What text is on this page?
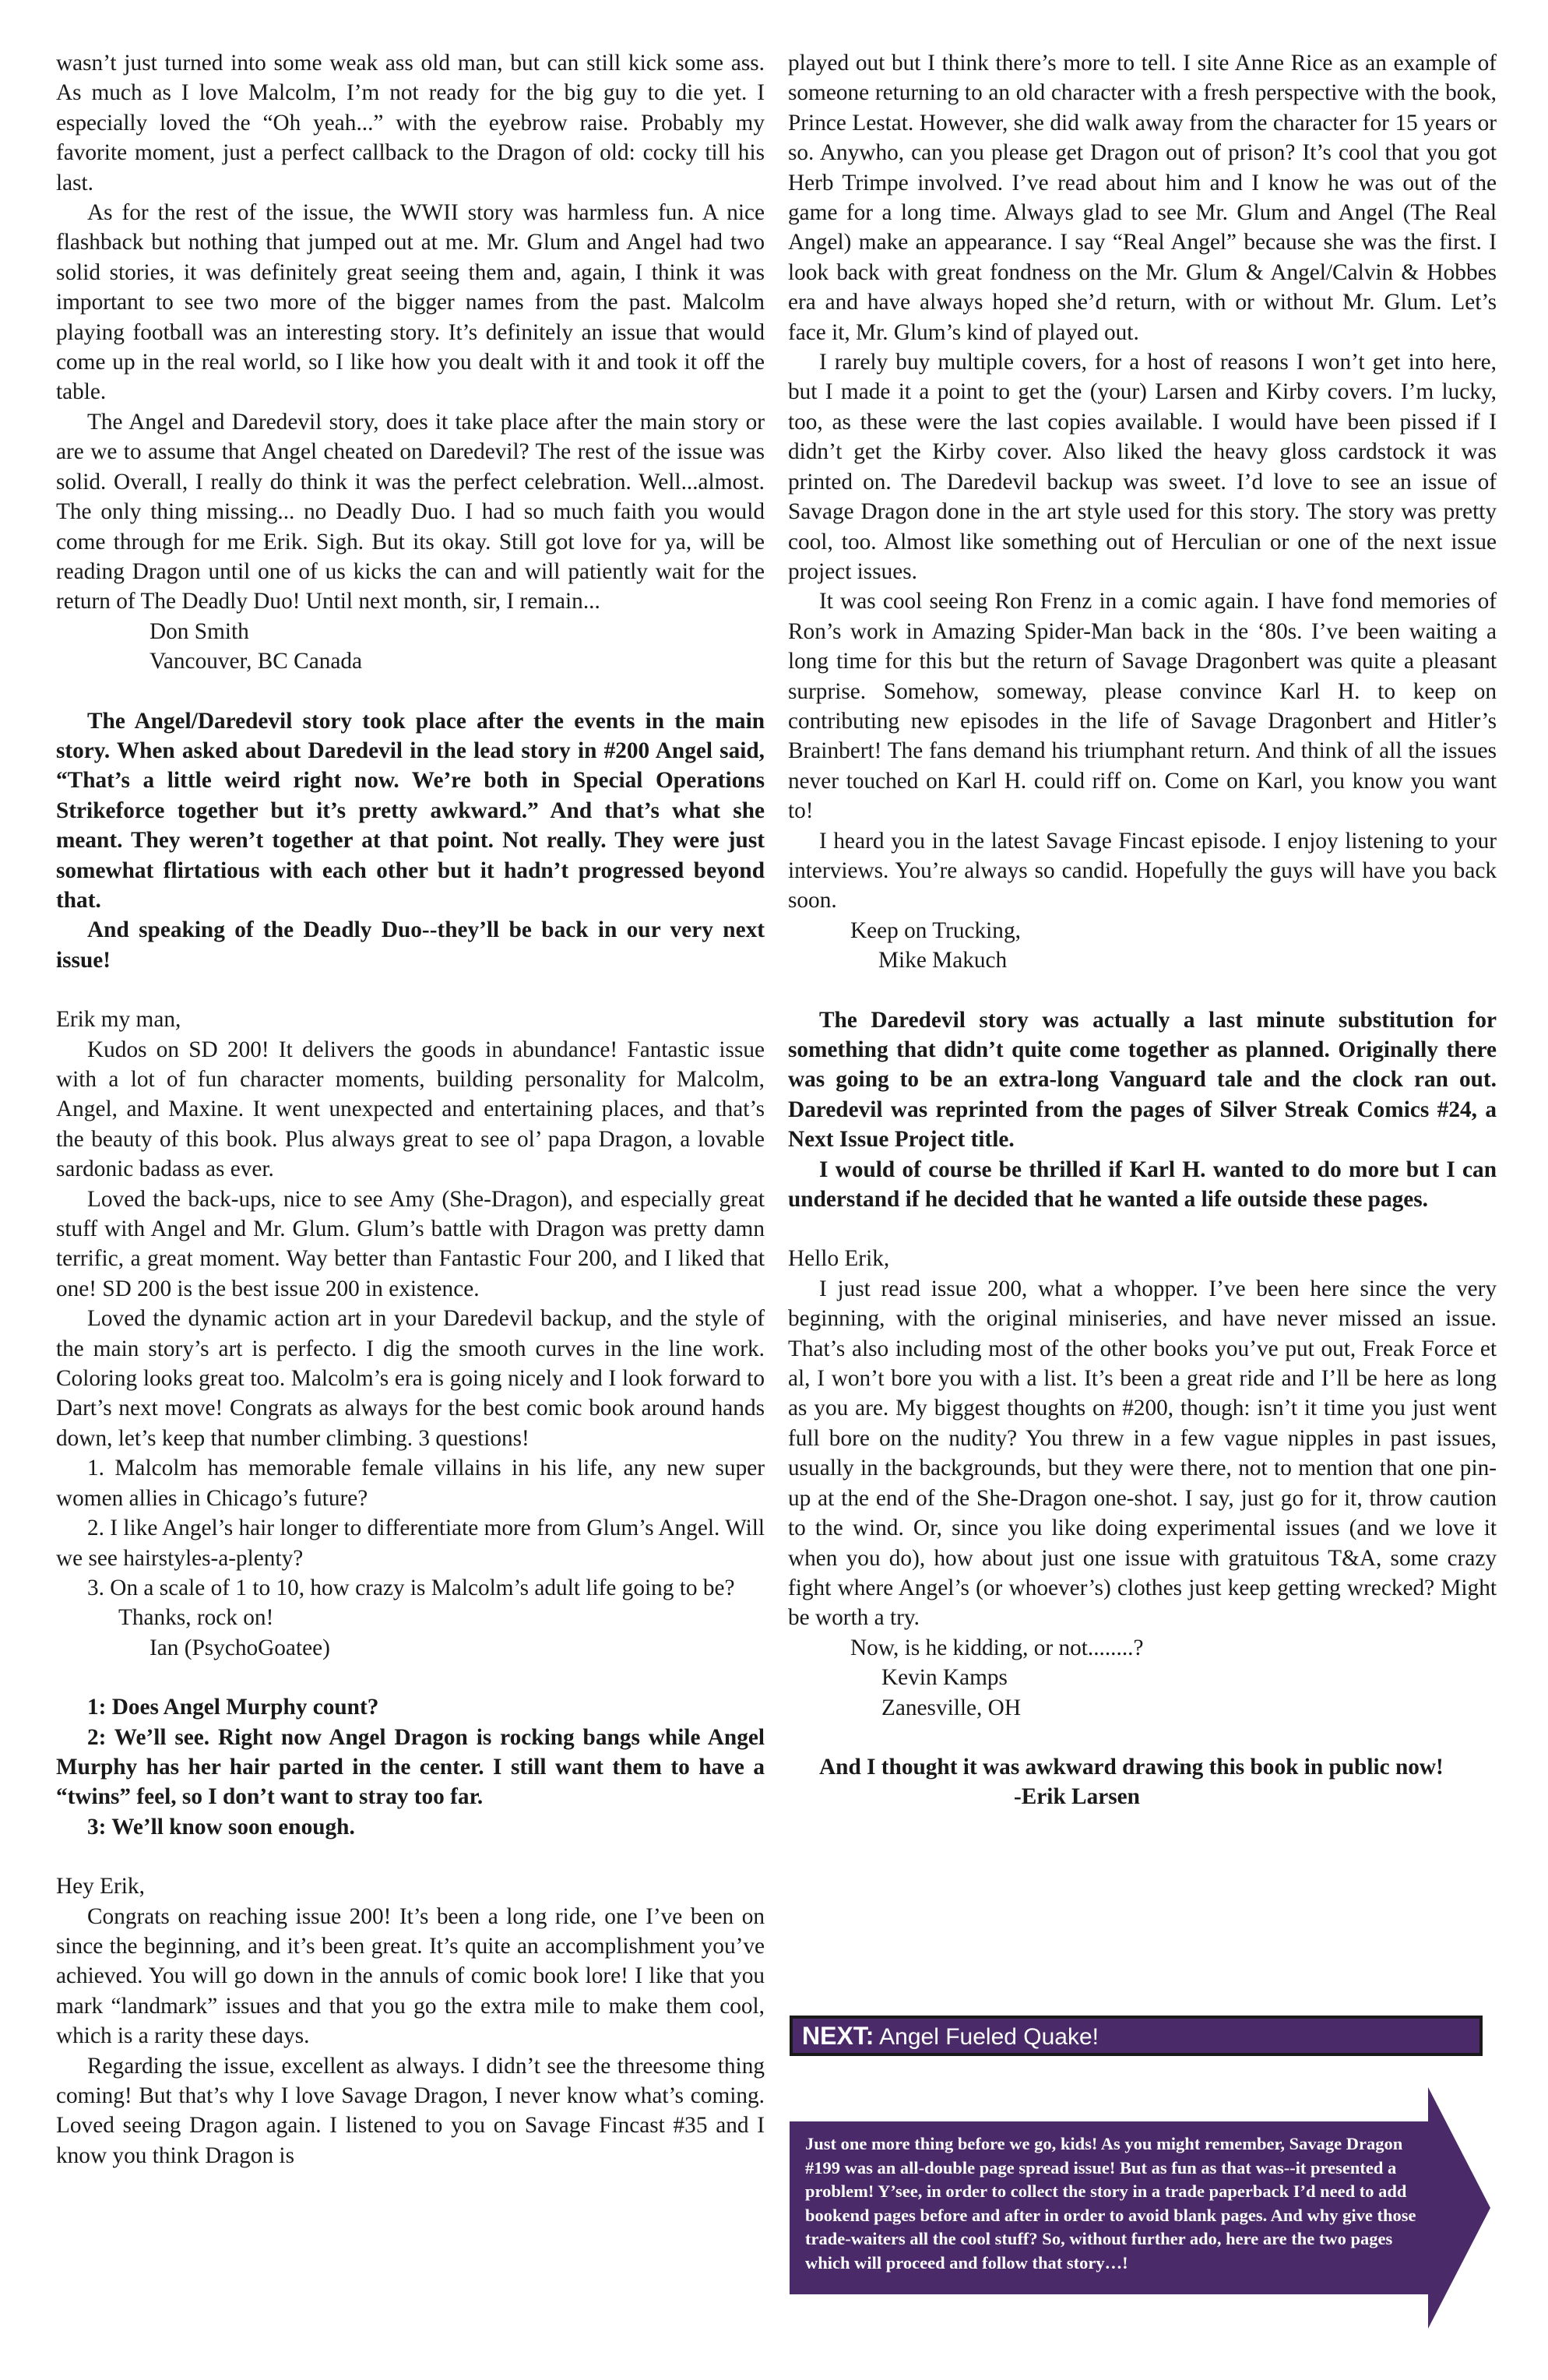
wasn’t just turned into some weak ass old man, but can still kick some ass. As much as I love Malcolm, I’m not ready for the big guy to die yet. I especially loved the “Oh yeah...” with the eyebrow raise. Probably my favorite moment, just a perfect callback to the Dragon of old: cocky till his last.

As for the rest of the issue, the WWII story was harmless fun. A nice flashback but nothing that jumped out at me. Mr. Glum and Angel had two solid stories, it was definitely great seeing them and, again, I think it was important to see two more of the bigger names from the past. Malcolm playing football was an interesting story. It’s definitely an issue that would come up in the real world, so I like how you dealt with it and took it off the table.

The Angel and Daredevil story, does it take place after the main story or are we to assume that Angel cheated on Daredevil? The rest of the issue was solid. Overall, I really do think it was the perfect celebration. Well...almost. The only thing missing... no Deadly Duo. I had so much faith you would come through for me Erik. Sigh. But its okay. Still got love for ya, will be reading Dragon until one of us kicks the can and will patiently wait for the return of The Deadly Duo! Until next month, sir, I remain...

Don Smith

Vancouver, BC Canada

The Angel/Daredevil story took place after the events in the main story. When asked about Daredevil in the lead story in #200 Angel said, “That’s a little weird right now. We’re both in Special Operations Strikeforce together but it’s pretty awkward.” And that’s what she meant. They weren’t together at that point. Not really. They were just somewhat flirtatious with each other but it hadn’t progressed beyond that.

And speaking of the Deadly Duo--they’ll be back in our very next issue!

Erik my man,

Kudos on SD 200! It delivers the goods in abundance! Fantastic issue with a lot of fun character moments, building personality for Malcolm, Angel, and Maxine. It went unexpected and entertaining places, and that’s the beauty of this book. Plus always great to see ol’ papa Dragon, a lovable sardonic badass as ever.

Loved the back-ups, nice to see Amy (She-Dragon), and especially great stuff with Angel and Mr. Glum. Glum’s battle with Dragon was pretty damn terrific, a great moment. Way better than Fantastic Four 200, and I liked that one! SD 200 is the best issue 200 in existence.

Loved the dynamic action art in your Daredevil backup, and the style of the main story’s art is perfecto. I dig the smooth curves in the line work. Coloring looks great too. Malcolm’s era is going nicely and I look forward to Dart’s next move! Congrats as always for the best comic book around hands down, let’s keep that number climbing. 3 questions!

1. Malcolm has memorable female villains in his life, any new super women allies in Chicago’s future?

2. I like Angel’s hair longer to differentiate more from Glum’s Angel. Will we see hairstyles-a-plenty?

3. On a scale of 1 to 10, how crazy is Malcolm’s adult life going to be?

Thanks, rock on!

Ian (PsychoGoatee)

1: Does Angel Murphy count?

2: We’ll see. Right now Angel Dragon is rocking bangs while Angel Murphy has her hair parted in the center. I still want them to have a “twins” feel, so I don’t want to stray too far.

3: We’ll know soon enough.

Hey Erik,

Congrats on reaching issue 200! It’s been a long ride, one I’ve been on since the beginning, and it’s been great. It’s quite an accomplishment you’ve achieved. You will go down in the annuls of comic book lore! I like that you mark “landmark” issues and that you go the extra mile to make them cool, which is a rarity these days.

Regarding the issue, excellent as always. I didn’t see the threesome thing coming! But that’s why I love Savage Dragon, I never know what’s coming. Loved seeing Dragon again. I listened to you on Savage Fincast #35 and I know you think Dragon is

played out but I think there’s more to tell. I site Anne Rice as an example of someone returning to an old character with a fresh perspective with the book, Prince Lestat. However, she did walk away from the character for 15 years or so. Anywho, can you please get Dragon out of prison? It’s cool that you got Herb Trimpe involved. I’ve read about him and I know he was out of the game for a long time. Always glad to see Mr. Glum and Angel (The Real Angel) make an appearance. I say “Real Angel” because she was the first. I look back with great fondness on the Mr. Glum & Angel/Calvin & Hobbes era and have always hoped she’d return, with or without Mr. Glum. Let’s face it, Mr. Glum’s kind of played out.

I rarely buy multiple covers, for a host of reasons I won’t get into here, but I made it a point to get the (your) Larsen and Kirby covers. I’m lucky, too, as these were the last copies available. I would have been pissed if I didn’t get the Kirby cover. Also liked the heavy gloss cardstock it was printed on. The Daredevil backup was sweet. I’d love to see an issue of Savage Dragon done in the art style used for this story. The story was pretty cool, too. Almost like something out of Herculian or one of the next issue project issues.

It was cool seeing Ron Frenz in a comic again. I have fond memories of Ron’s work in Amazing Spider-Man back in the ‘80s. I’ve been waiting a long time for this but the return of Savage Dragonbert was quite a pleasant surprise. Somehow, someway, please convince Karl H. to keep on contributing new episodes in the life of Savage Dragonbert and Hitler’s Brainbert! The fans demand his triumphant return. And think of all the issues never touched on Karl H. could riff on. Come on Karl, you know you want to!

I heard you in the latest Savage Fincast episode. I enjoy listening to your interviews. You’re always so candid. Hopefully the guys will have you back soon.

Keep on Trucking,

Mike Makuch

The Daredevil story was actually a last minute substitution for something that didn’t quite come together as planned. Originally there was going to be an extra-long Vanguard tale and the clock ran out. Daredevil was reprinted from the pages of Silver Streak Comics #24, a Next Issue Project title.

I would of course be thrilled if Karl H. wanted to do more but I can understand if he decided that he wanted a life outside these pages.

Hello Erik,

I just read issue 200, what a whopper. I’ve been here since the very beginning, with the original miniseries, and have never missed an issue. That’s also including most of the other books you’ve put out, Freak Force et al, I won’t bore you with a list. It’s been a great ride and I’ll be here as long as you are. My biggest thoughts on #200, though: isn’t it time you just went full bore on the nudity? You threw in a few vague nipples in past issues, usually in the backgrounds, but they were there, not to mention that one pin-up at the end of the She-Dragon one-shot. I say, just go for it, throw caution to the wind. Or, since you like doing experimental issues (and we love it when you do), how about just one issue with gratuitous T&A, some crazy fight where Angel’s (or whoever’s) clothes just keep getting wrecked? Might be worth a try.

Now, is he kidding, or not........?

Kevin Kamps

Zanesville, OH

And I thought it was awkward drawing this book in public now!

-Erik Larsen

NEXT: Angel Fueled Quake!
Just one more thing before we go, kids! As you might remember, Savage Dragon #199 was an all-double page spread issue! But as fun as that was--it presented a problem! Y’see, in order to collect the story in a trade paperback I’d need to add bookend pages before and after in order to avoid blank pages. And why give those trade-waiters all the cool stuff? So, without further ado, here are the two pages which will proceed and follow that story…!
